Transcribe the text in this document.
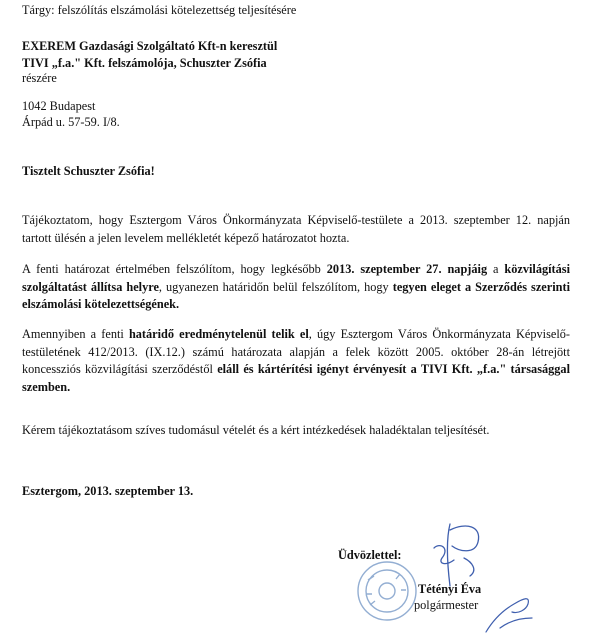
Tárgy: felszólítás elszámolási kötelezettség teljesítésére
EXEREM Gazdasági Szolgáltató Kft-n keresztül
TIVI „f.a." Kft. felszámolója, Schuszter Zsófia
részére
1042 Budapest
Árpád u. 57-59. I/8.
Tisztelt Schuszter Zsófia!
Tájékoztatom, hogy Esztergom Város Önkormányzata Képviselő-testülete a 2013. szeptember 12. napján tartott ülésén a jelen levelem mellékletét képező határozatot hozta.
A fenti határozat értelmében felszólítom, hogy legkésőbb 2013. szeptember 27. napjáig a közvilágítási szolgáltatást állítsa helyre, ugyanezen határidőn belül felszólítom, hogy tegyen eleget a Szerződés szerinti elszámolási kötelezettségének.
Amennyiben a fenti határidő eredménytelenül telik el, úgy Esztergom Város Önkormányzata Képviselő-testületének 412/2013. (IX.12.) számú határozata alapján a felek között 2005. október 28-án létrejött koncessziós közvilágítási szerződéstől eláll és kártérítési igényt érvényesít a TIVI Kft. „f.a." társasággal szemben.
Kérem tájékoztatásom szíves tudomásul vételét és a kért intézkedések haladéktalan teljesítését.
Esztergom, 2013. szeptember 13.
Üdvözlettel:
Tétényi Éva
polgármester
